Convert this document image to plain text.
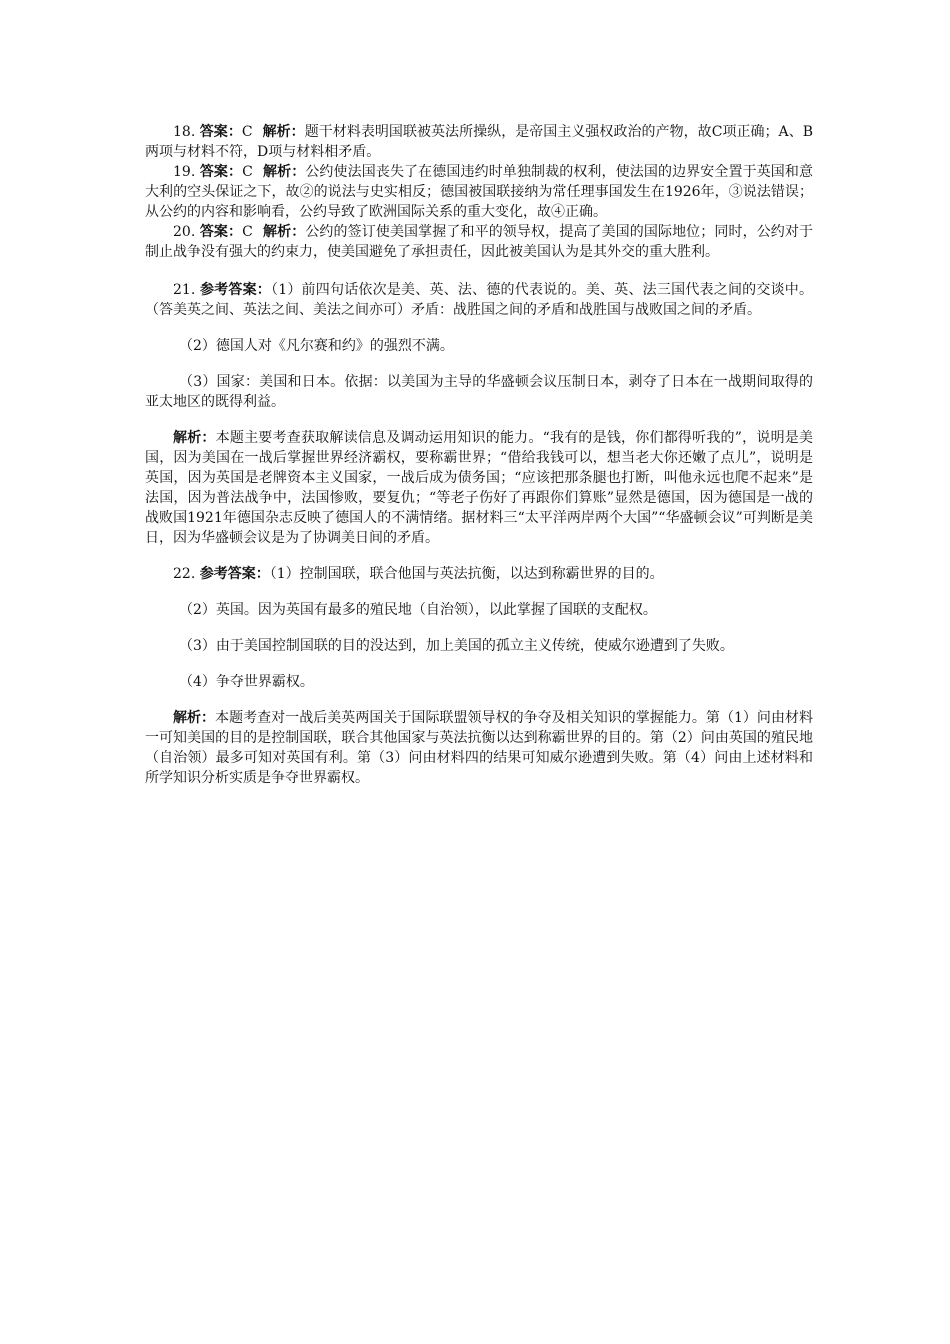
18. 答案：C 解析：题干材料表明国联被英法所操纵，是帝国主义强权政治的产物，故C项正确；A、B两项与材料不符，D项与材料相矛盾。

19. 答案：C 解析：公约使法国丧失了在德国违约时单独制裁的权利，使法国的边界安全置于英国和意大利的空头保证之下，故②的说法与史实相反；德国被国联接纳为常任理事国发生在1926年，③说法错误；从公约的内容和影响看，公约导致了欧洲国际关系的重大变化，故④正确。

20. 答案：C 解析：公约的签订使美国掌握了和平的领导权，提高了美国的国际地位；同时，公约对于制止战争没有强大的约束力，使美国避免了承担责任，因此被美国认为是其外交的重大胜利。

21. 参考答案：（1）前四句话依次是美、英、法、德的代表说的。美、英、法三国代表之间的交谈中。（答美英之间、英法之间、美法之间亦可）矛盾：战胜国之间的矛盾和战胜国与战败国之间的矛盾。

（2）德国人对《凡尔赛和约》的强烈不满。

（3）国家：美国和日本。依据：以美国为主导的华盛顿会议压制日本，剥夺了日本在一战期间取得的亚太地区的既得利益。

解析：本题主要考查获取解读信息及调动运用知识的能力。“我有的是钱，你们都得听我的”，说明是美国，因为美国在一战后掌握世界经济霸权，要称霸世界；“借给我钱可以，想当老大你还嫩了点儿”，说明是英国，因为英国是老牌资本主义国家，一战后成为债务国；“应该把那条腿也打断，叫他永远也爬不起来”是法国，因为普法战争中，法国惨败，要复仇；“等老子伤好了再跟你们算账”显然是德国，因为德国是一战的战败国1921年德国杂志反映了德国人的不满情绪。据材料三“太平洋两岸两个大国”“华盛顿会议”可判断是美日，因为华盛顿会议是为了协调美日间的矛盾。

22. 参考答案：（1）控制国联，联合他国与英法抗衡，以达到称霸世界的目的。

（2）英国。因为英国有最多的殖民地（自治领），以此掌握了国联的支配权。

（3）由于美国控制国联的目的没达到，加上美国的孤立主义传统，使威尔逊遭到了失败。

（4）争夺世界霸权。

解析：本题考查对一战后美英两国关于国际联盟领导权的争夺及相关知识的掌握能力。第（1）问由材料一可知美国的目的是控制国联，联合其他国家与英法抗衡以达到称霸世界的目的。第（2）问由英国的殖民地（自治领）最多可知对英国有利。第（3）问由材料四的结果可知威尔逊遭到失败。第（4）问由上述材料和所学知识分析实质是争夺世界霸权。
